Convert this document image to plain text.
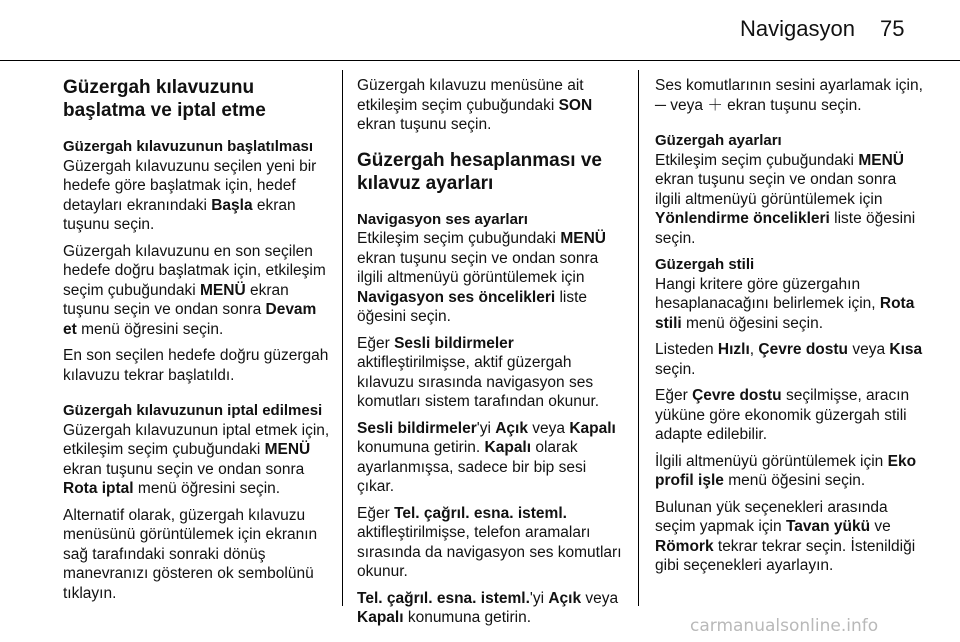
Navigasyon 75
Güzergah kılavuzunu başlatma ve iptal etme
Güzergah kılavuzunun başlatılması

Güzergah kılavuzunu seçilen yeni bir hedefe göre başlatmak için, hedef detayları ekranındaki Başla ekran tuşunu seçin.

Güzergah kılavuzunu en son seçilen hedefe doğru başlatmak için, etkileşim seçim çubuğundaki MENÜ ekran tuşunu seçin ve ondan sonra Devam et menü öğresini seçin.

En son seçilen hedefe doğru güzergah kılavuzu tekrar başlatıldı.

Güzergah kılavuzunun iptal edilmesi

Güzergah kılavuzunun iptal etmek için, etkileşim seçim çubuğundaki MENÜ ekran tuşunu seçin ve ondan sonra Rota iptal menü öğresini seçin.

Alternatif olarak, güzergah kılavuzu menüsünü görüntülemek için ekranın sağ tarafındaki sonraki dönüş manevranızı gösteren ok sembolünü tıklayın.

Güzergah kılavuzu menüsüne ait etkileşim seçim çubuğundaki SON ekran tuşunu seçin.

Güzergah hesaplanması ve kılavuz ayarları
Navigasyon ses ayarları

Etkileşim seçim çubuğundaki MENÜ ekran tuşunu seçin ve ondan sonra ilgili altmenüyü görüntülemek için Navigasyon ses öncelikleri liste öğesini seçin.

Eğer Sesli bildirmeler aktifleştirilmişse, aktif güzergah kılavuzu sırasında navigasyon ses komutları sistem tarafından okunur.

Sesli bildirmeler'yi Açık veya Kapalı konumuna getirin. Kapalı olarak ayarlanmışsa, sadece bir bip sesi çıkar.

Eğer Tel. çağrıl. esna. isteml. aktifleştirilmişse, telefon aramaları sırasında da navigasyon ses komutları okunur.

Tel. çağrıl. esna. isteml.'yi Açık veya Kapalı konumuna getirin.

Ses komutlarının sesini ayarlamak için, ─ veya ＋ ekran tuşunu seçin.

Güzergah ayarları

Etkileşim seçim çubuğundaki MENÜ ekran tuşunu seçin ve ondan sonra ilgili altmenüyü görüntülemek için Yönlendirme öncelikleri liste öğesini seçin.

Güzergah stili

Hangi kritere göre güzergahın hesaplanacağını belirlemek için, Rota stili menü öğesini seçin.

Listeden Hızlı, Çevre dostu veya Kısa seçin.

Eğer Çevre dostu seçilmişse, aracın yüküne göre ekonomik güzergah stili adapte edilebilir.

İlgili altmenüyü görüntülemek için Eko profil işle menü öğesini seçin.

Bulunan yük seçenekleri arasında seçim yapmak için Tavan yükü ve Römork tekrar tekrar seçin. İstenildiği gibi seçenekleri ayarlayın.

carmanualsonline.info
